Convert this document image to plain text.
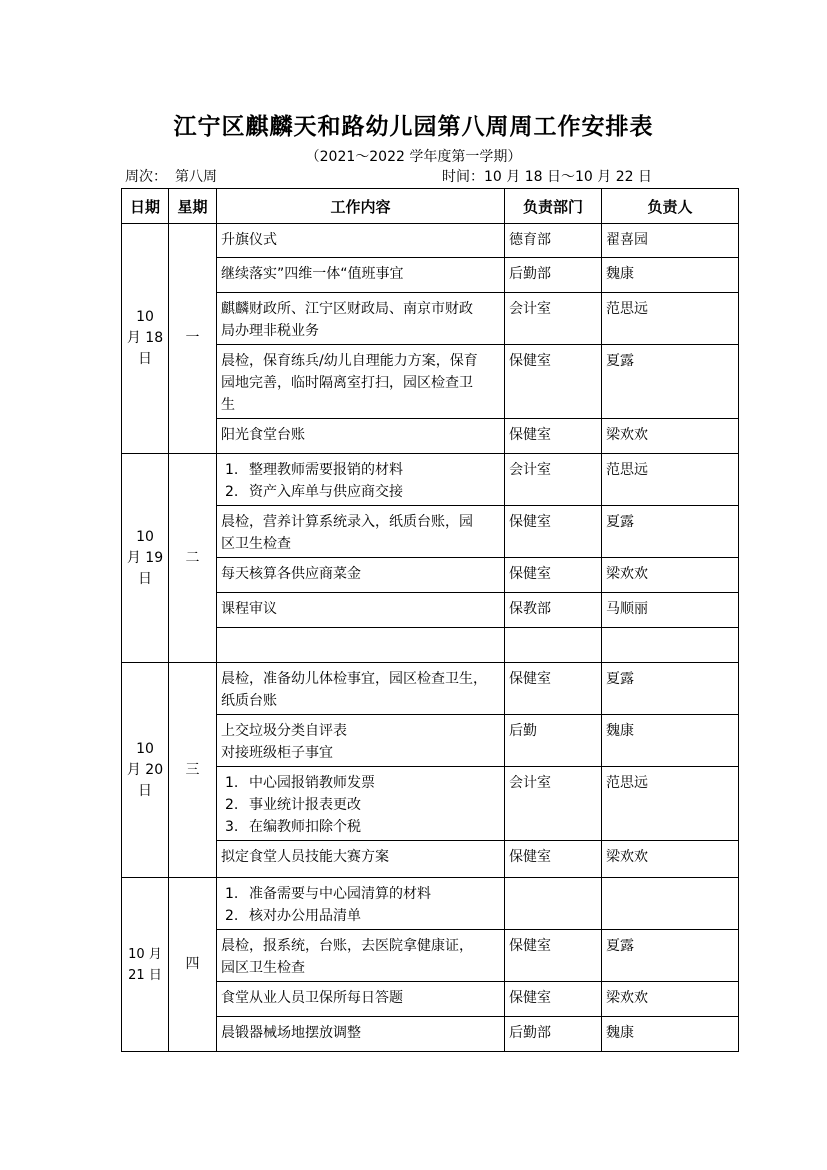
江宁区麒麟天和路幼儿园第八周周工作安排表
（2021～2022 学年度第一学期）
周次： 第八周	时间：10 月 18 日～10 月 22 日
日期	星期	工作内容	负责部门	负责人

10
月 18
日	一	升旗仪式	德育部	翟喜园

		继续落实”四维一体“值班事宜	后勤部	魏康

		麒麟财政所、江宁区财政局、南京市财政
局办理非税业务	会计室	范思远

		晨检，保育练兵/幼儿自理能力方案，保育
园地完善，临时隔离室打扫，园区检查卫
生	保健室	夏露

		阳光食堂台账	保健室	梁欢欢

10
月 19
日	二	1. 整理教师需要报销的材料
2. 资产入库单与供应商交接	会计室	范思远

		晨检，营养计算系统录入，纸质台账，园
区卫生检查	保健室	夏露

		每天核算各供应商菜金	保健室	梁欢欢

		课程审议	保教部	马顺丽

10
月 20
日	三	晨检，准备幼儿体检事宜，园区检查卫生，
纸质台账	保健室	夏露

		上交垃圾分类自评表
对接班级柜子事宜	后勤	魏康

		1. 中心园报销教师发票
2. 事业统计报表更改
3. 在编教师扣除个税	会计室	范思远

		拟定食堂人员技能大赛方案	保健室	梁欢欢

10 月
21 日	四	1. 准备需要与中心园清算的材料
2. 核对办公用品清单		

		晨检，报系统，台账，去医院拿健康证，
园区卫生检查	保健室	夏露

		食堂从业人员卫保所每日答题	保健室	梁欢欢

		晨锻器械场地摆放调整	后勤部	魏康
